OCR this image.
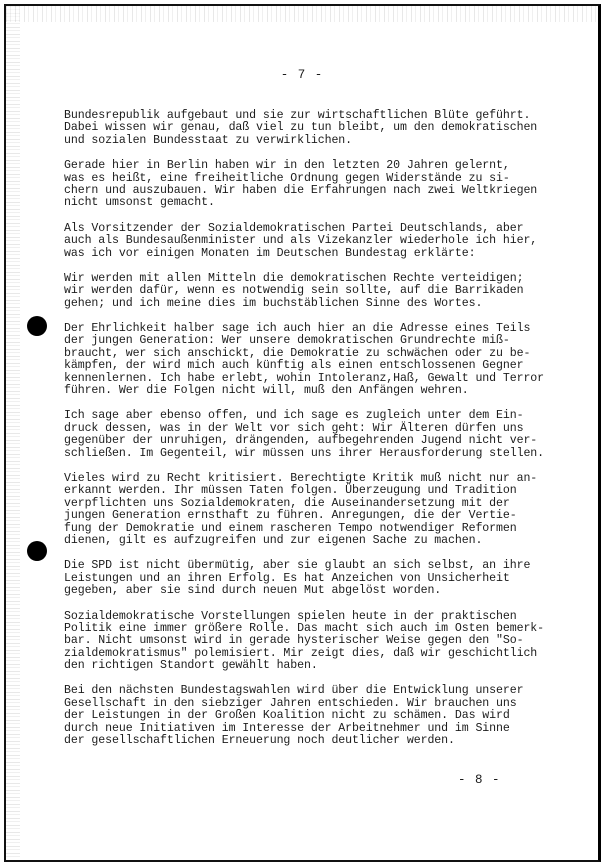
- 7 -
Bundesrepublik aufgebaut und sie zur wirtschaftlichen Blüte geführt.
Dabei wissen wir genau, daß viel zu tun bleibt, um den demokratischen
und sozialen Bundesstaat zu verwirklichen.
Gerade hier in Berlin haben wir in den letzten 20 Jahren gelernt,
was es heißt, eine freiheitliche Ordnung gegen Widerstände zu si-
chern und auszubauen. Wir haben die Erfahrungen nach zwei Weltkriegen
nicht umsonst gemacht.
Als Vorsitzender der Sozialdemokratischen Partei Deutschlands, aber
auch als Bundesaußenminister und als Vizekanzler wiederhole ich hier,
was ich vor einigen Monaten im Deutschen Bundestag erklärte:
Wir werden mit allen Mitteln die demokratischen Rechte verteidigen;
wir werden dafür, wenn es notwendig sein sollte, auf die Barrikaden
gehen; und ich meine dies im buchstäblichen Sinne des Wortes.
Der Ehrlichkeit halber sage ich auch hier an die Adresse eines Teils
der jungen Generation: Wer unsere demokratischen Grundrechte miß-
braucht, wer sich anschickt, die Demokratie zu schwächen oder zu be-
kämpfen, der wird mich auch künftig als einen entschlossenen Gegner
kennenlernen. Ich habe erlebt, wohin Intoleranz,Haß, Gewalt und Terror
führen. Wer die Folgen nicht will, muß den Anfängen wehren.
Ich sage aber ebenso offen, und ich sage es zugleich unter dem Ein-
druck dessen, was in der Welt vor sich geht: Wir Älteren dürfen uns
gegenüber der unruhigen, drängenden, aufbegehrenden Jugend nicht ver-
schließen. Im Gegenteil, wir müssen uns ihrer Herausforderung stellen.
Vieles wird zu Recht kritisiert. Berechtigte Kritik muß nicht nur an-
erkannt werden. Ihr müssen Taten folgen. Überzeugung und Tradition
verpflichten uns Sozialdemokraten, die Auseinandersetzung mit der
jungen Generation ernsthaft zu führen. Anregungen, die der Vertie-
fung der Demokratie und einem rascheren Tempo notwendiger Reformen
dienen, gilt es aufzugreifen und zur eigenen Sache zu machen.
Die SPD ist nicht übermütig, aber sie glaubt an sich selbst, an ihre
Leistungen und an ihren Erfolg. Es hat Anzeichen von Unsicherheit
gegeben, aber sie sind durch neuen Mut abgelöst worden.
Sozialdemokratische Vorstellungen spielen heute in der praktischen
Politik eine immer größere Rolle. Das macht sich auch im Osten bemerk-
bar. Nicht umsonst wird in gerade hysterischer Weise gegen den "So-
zialdemokratismus" polemisiert. Mir zeigt dies, daß wir geschichtlich
den richtigen Standort gewählt haben.
Bei den nächsten Bundestagswahlen wird über die Entwicklung unserer
Gesellschaft in den siebziger Jahren entschieden. Wir brauchen uns
der Leistungen in der Großen Koalition nicht zu schämen. Das wird
durch neue Initiativen im Interesse der Arbeitnehmer und im Sinne
der gesellschaftlichen Erneuerung noch deutlicher werden.
- 8 -
